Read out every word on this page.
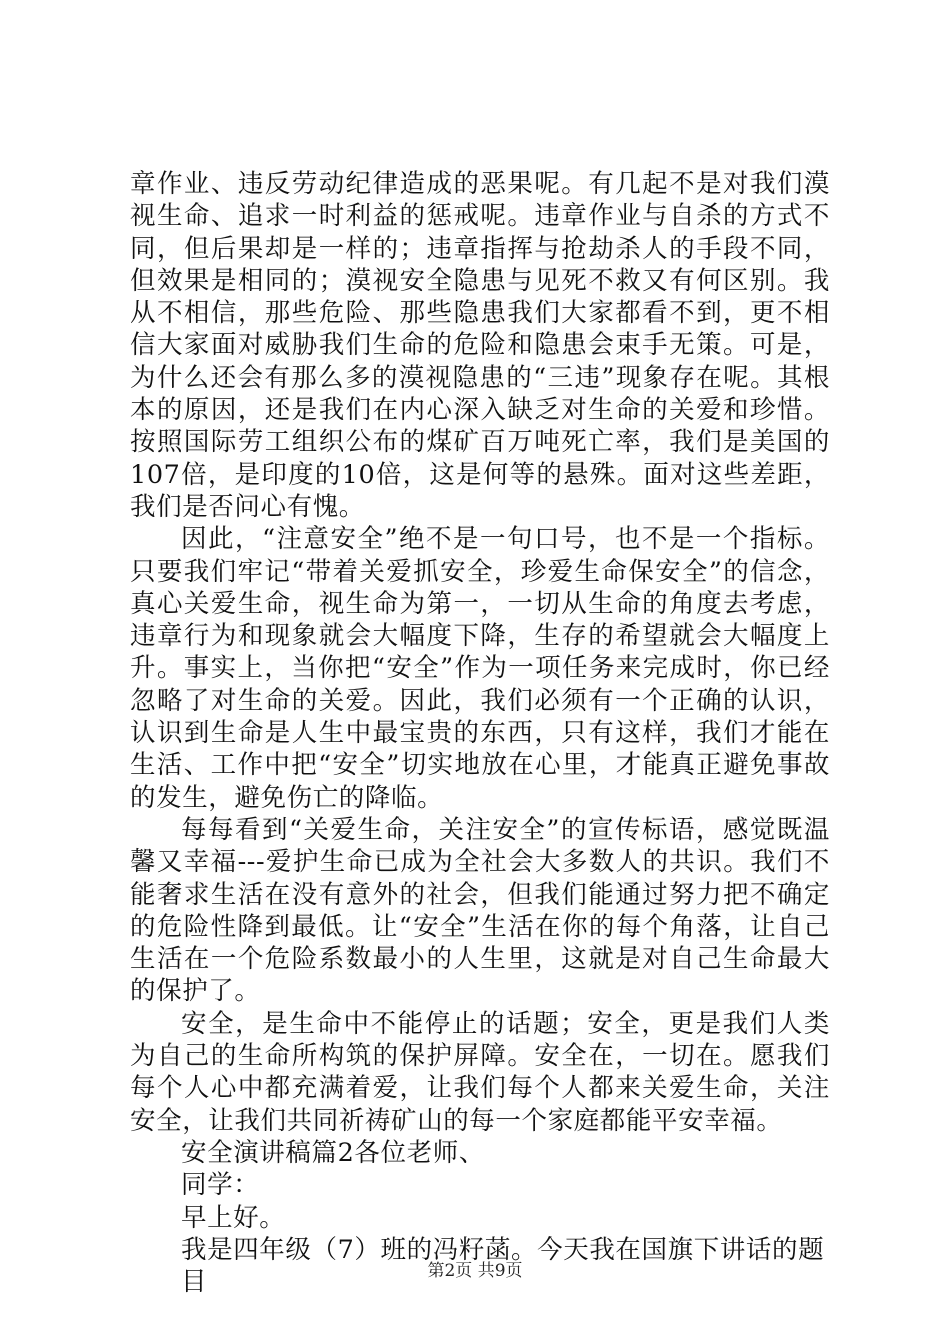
章作业、违反劳动纪律造成的恶果呢。有几起不是对我们漠视生命、追求一时利益的惩戒呢。违章作业与自杀的方式不同，但后果却是一样的；违章指挥与抢劫杀人的手段不同，但效果是相同的；漠视安全隐患与见死不救又有何区别。我从不相信，那些危险、那些隐患我们大家都看不到，更不相信大家面对威胁我们生命的危险和隐患会束手无策。可是，为什么还会有那么多的漠视隐患的“三违”现象存在呢。其根本的原因，还是我们在内心深入缺乏对生命的关爱和珍惜。按照国际劳工组织公布的煤矿百万吨死亡率，我们是美国的107倍，是印度的10倍，这是何等的悬殊。面对这些差距，我们是否问心有愧。

因此，“注意安全”绝不是一句口号，也不是一个指标。只要我们牢记“带着关爱抓安全，珍爱生命保安全”的信念，真心关爱生命，视生命为第一，一切从生命的角度去考虑，违章行为和现象就会大幅度下降，生存的希望就会大幅度上升。事实上，当你把“安全”作为一项任务来完成时，你已经忽略了对生命的关爱。因此，我们必须有一个正确的认识，认识到生命是人生中最宝贵的东西，只有这样，我们才能在生活、工作中把“安全”切实地放在心里，才能真正避免事故的发生，避免伤亡的降临。

每每看到“关爱生命，关注安全”的宣传标语，感觉既温馨又幸福---爱护生命已成为全社会大多数人的共识。我们不能奢求生活在没有意外的社会，但我们能通过努力把不确定的危险性降到最低。让“安全”生活在你的每个角落，让自己生活在一个危险系数最小的人生里，这就是对自己生命最大的保护了。

安全，是生命中不能停止的话题；安全，更是我们人类为自己的生命所构筑的保护屏障。安全在，一切在。愿我们每个人心中都充满着爱，让我们每个人都来关爱生命，关注安全，让我们共同祈祷矿山的每一个家庭都能平安幸福。

安全演讲稿篇2各位老师、

同学：

早上好。

我是四年级（7）班的冯籽菡。今天我在国旗下讲话的题目	第2页 共9页
